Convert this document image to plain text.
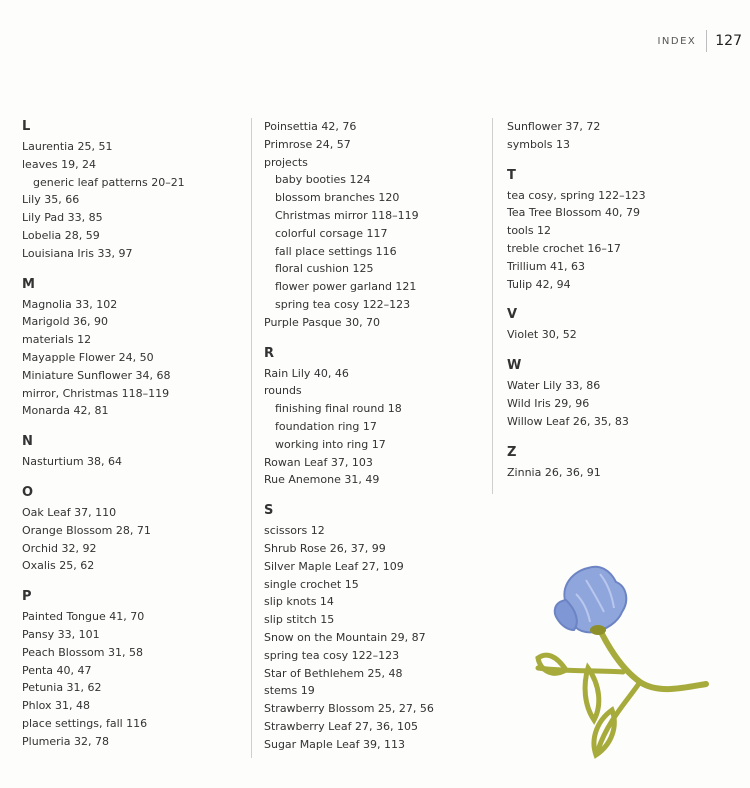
INDEX 127
L
Laurentia 25, 51
leaves 19, 24
generic leaf patterns 20–21
Lily 35, 66
Lily Pad 33, 85
Lobelia 28, 59
Louisiana Iris 33, 97
M
Magnolia 33, 102
Marigold 36, 90
materials 12
Mayapple Flower 24, 50
Miniature Sunflower 34, 68
mirror, Christmas 118–119
Monarda 42, 81
N
Nasturtium 38, 64
O
Oak Leaf 37, 110
Orange Blossom 28, 71
Orchid 32, 92
Oxalis 25, 62
P
Painted Tongue 41, 70
Pansy 33, 101
Peach Blossom 31, 58
Penta 40, 47
Petunia 31, 62
Phlox 31, 48
place settings, fall 116
Plumeria 32, 78
Poinsettia 42, 76
Primrose 24, 57
projects
baby booties 124
blossom branches 120
Christmas mirror 118–119
colorful corsage 117
fall place settings 116
floral cushion 125
flower power garland 121
spring tea cosy 122–123
Purple Pasque 30, 70
R
Rain Lily 40, 46
rounds
finishing final round 18
foundation ring 17
working into ring 17
Rowan Leaf 37, 103
Rue Anemone 31, 49
S
scissors 12
Shrub Rose 26, 37, 99
Silver Maple Leaf 27, 109
single crochet 15
slip knots 14
slip stitch 15
Snow on the Mountain 29, 87
spring tea cosy 122–123
Star of Bethlehem 25, 48
stems 19
Strawberry Blossom 25, 27, 56
Strawberry Leaf 27, 36, 105
Sugar Maple Leaf 39, 113
Sunflower 37, 72
symbols 13
T
tea cosy, spring 122–123
Tea Tree Blossom 40, 79
tools 12
treble crochet 16–17
Trillium 41, 63
Tulip 42, 94
V
Violet 30, 52
W
Water Lily 33, 86
Wild Iris 29, 96
Willow Leaf 26, 35, 83
Z
Zinnia 26, 36, 91
